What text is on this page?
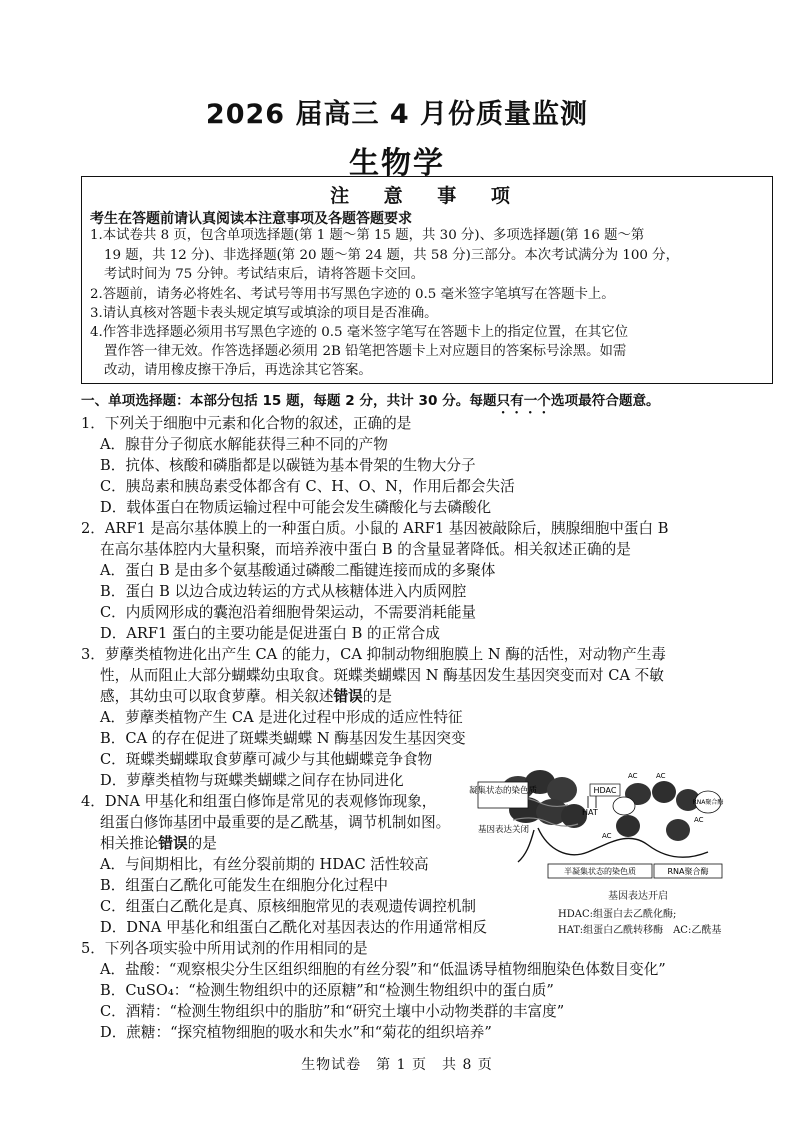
2026 届高三 4 月份质量监测
生物学
注 意 事 项
考生在答题前请认真阅读本注意事项及各题答题要求
1.本试卷共 8 页，包含单项选择题(第 1 题～第 15 题，共 30 分)、多项选择题(第 16 题～第
19 题，共 12 分)、非选择题(第 20 题～第 24 题，共 58 分)三部分。本次考试满分为 100 分，
考试时间为 75 分钟。考试结束后，请将答题卡交回。
2.答题前，请务必将姓名、考试号等用书写黑色字迹的 0.5 毫米签字笔填写在答题卡上。
3.请认真核对答题卡表头规定填写或填涂的项目是否准确。
4.作答非选择题必须用书写黑色字迹的 0.5 毫米签字笔写在答题卡上的指定位置，在其它位
置作答一律无效。作答选择题必须用 2B 铅笔把答题卡上对应题目的答案标号涂黑。如需
改动，请用橡皮擦干净后，再选涂其它答案。
一、单项选择题：本部分包括 15 题，每题 2 分，共计 30 分。每题只有一个选项最符合题意。
1．下列关于细胞中元素和化合物的叙述，正确的是
A．腺苷分子彻底水解能获得三种不同的产物
B．抗体、核酸和磷脂都是以碳链为基本骨架的生物大分子
C．胰岛素和胰岛素受体都含有 C、H、O、N，作用后都会失活
D．载体蛋白在物质运输过程中可能会发生磷酸化与去磷酸化
2．ARF1 是高尔基体膜上的一种蛋白质。小鼠的 ARF1 基因被敲除后，胰腺细胞中蛋白 B
在高尔基体腔内大量积聚，而培养液中蛋白 B 的含量显著降低。相关叙述正确的是
A．蛋白 B 是由多个氨基酸通过磷酸二酯键连接而成的多聚体
B．蛋白 B 以边合成边转运的方式从核糖体进入内质网腔
C．内质网形成的囊泡沿着细胞骨架运动，不需要消耗能量
D．ARF1 蛋白的主要功能是促进蛋白 B 的正常合成
3．萝藦类植物进化出产生 CA 的能力，CA 抑制动物细胞膜上 N 酶的活性，对动物产生毒
性，从而阻止大部分蝴蝶幼虫取食。斑蝶类蝴蝶因 N 酶基因发生基因突变而对 CA 不敏
感，其幼虫可以取食萝藦。相关叙述错误的是
A．萝藦类植物产生 CA 是进化过程中形成的适应性特征
B．CA 的存在促进了斑蝶类蝴蝶 N 酶基因发生基因突变
C．斑蝶类蝴蝶取食萝藦可减少与其他蝴蝶竞争食物
D．萝藦类植物与斑蝶类蝴蝶之间存在协同进化
4．DNA 甲基化和组蛋白修饰是常见的表观修饰现象，
组蛋白修饰基团中最重要的是乙酰基，调节机制如图。
相关推论错误的是
A．与间期相比，有丝分裂前期的 HDAC 活性较高
B．组蛋白乙酰化可能发生在细胞分化过程中
C．组蛋白乙酰化是真、原核细胞常见的表观遗传调控机制
D．DNA 甲基化和组蛋白乙酰化对基因表达的作用通常相反
凝集状态的染色质
基因表达关闭
HDAC
HAT
AC	AC
AC
AC
RNA聚合酶
半凝集状态的染色质	RNA聚合酶
基因表达开启
HDAC:组蛋白去乙酰化酶;
HAT:组蛋白乙酰转移酶　AC:乙酰基
5．下列各项实验中所用试剂的作用相同的是
A．盐酸：“观察根尖分生区组织细胞的有丝分裂”和“低温诱导植物细胞染色体数目变化”
B．CuSO₄：“检测生物组织中的还原糖”和“检测生物组织中的蛋白质”
C．酒精：“检测生物组织中的脂肪”和“研究土壤中小动物类群的丰富度”
D．蔗糖：“探究植物细胞的吸水和失水”和“菊花的组织培养”
生物试卷　第 1 页　共 8 页
